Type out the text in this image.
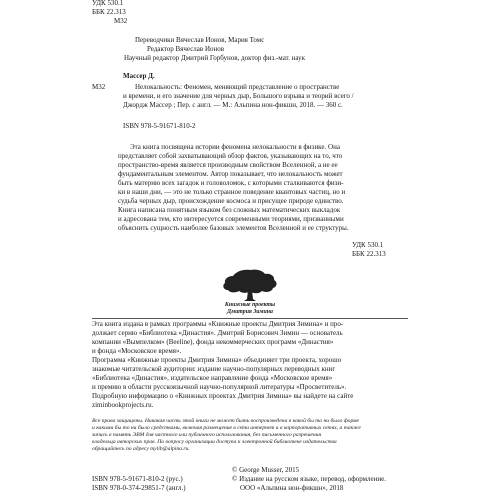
УДК 530.1
ББК 22.313
М32
Переводчики Вячеслав Ионов, Мария Томс
Редактор Вячеслав Ионов
Научный редактор Дмитрий Горбунов, доктор физ.-мат. наук
М32
Массер Д.
Нелокальность: Феномен, меняющий представление о пространстве
и времени, и его значение для черных дыр, Большого взрыва и теорий всего /
Джордж Массер ; Пер. с англ. — М.: Альпина нон-фикшн, 2018. — 360 с.
ISBN 978-5-91671-810-2
Эта книга посвящена истории феномена нелокальности в физике. Она
представляет собой захватывающий обзор фактов, указывающих на то, что
пространство-время является производным свойством Вселенной, а не ее
фундаментальным элементом. Автор показывает, что нелокальность может
быть материю всех загадок и головоломок, с которыми сталкиваются физи-
ки в наши дни, — это не только странное поведение квантовых частиц, но и
судьба черных дыр, происхождение космоса и присущее природе единство.
Книга написана понятным языком без сложных математических выкладок
и адресована тем, кто интересуется современными теориями, призванными
объяснить сущность наиболее базовых элементов Вселенной и ее структуры.
УДК 530.1
ББК 22.313
Книжные проекты
Дмитрия Зимина
Эта книга издана в рамках программы «Книжные проекты Дмитрия Зимина» и про-
должает серию «Библиотека «Династия». Дмитрий Борисович Зимин — основатель
компании «Вымпелком» (Beeline), фонда некоммерческих программ «Династия»
и фонда «Московское время».
Программа «Книжные проекты Дмитрия Зимина» объединяет три проекта, хорошо
знакомые читательской аудитории: издание научно-популярных переводных книг
«Библиотека «Династия», издательское направление фонда «Московское время»
и премию в области русскоязычной научно-популярной литературы «Просветитель».
Подробную информацию о «Книжных проектах Дмитрия Зимина» вы найдете на сайте
ziminbookprojects.ru.
Все права защищены. Никакая часть этой книги не может быть воспроизведена в какой бы то ни было форме
и какими бы то ни было средствами, включая размещение в сети интернет и в корпоративных сетях, а также
запись в память ЭВМ для частного или публичного использования, без письменного разрешения
владельца авторских прав. По вопросу организации доступа к электронной библиотеке издательства
обращайтесь по адресу mylib@alpina.ru.
© George Musser, 2015
© Издание на русском языке, перевод, оформление.
ООО «Альпина нон-фикшн», 2018
ISBN 978-5-91671-810-2 (рус.)
ISBN 978-0-374-29851-7 (англ.)
